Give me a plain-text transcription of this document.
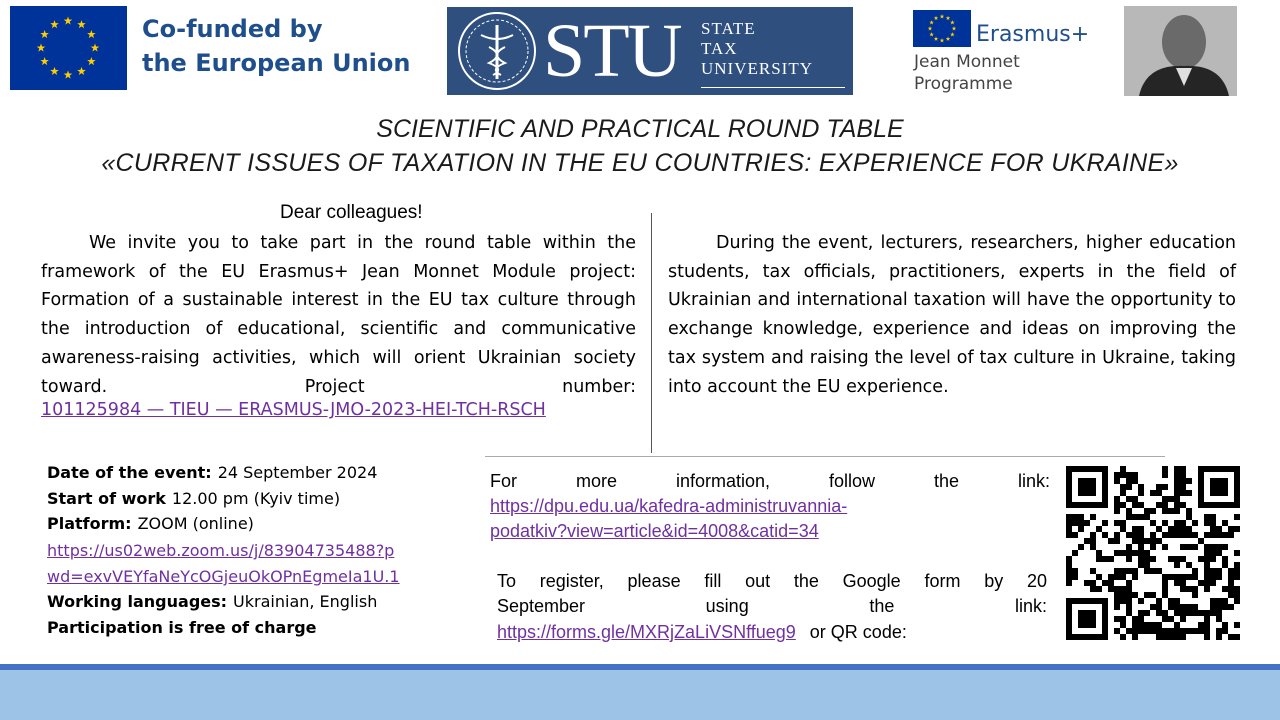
Co-funded by
the European Union STU STATE
TAX
UNIVERSITY
Erasmus+
Jean Monnet
Programme
SCIENTIFIC AND PRACTICAL ROUND TABLE
«CURRENT ISSUES OF TAXATION IN THE EU COUNTRIES: EXPERIENCE FOR UKRAINE»
Dear colleagues!
We invite you to take part in the round table within the framework of the EU Erasmus+ Jean Monnet Module project: Formation of a sustainable interest in the EU tax culture through the introduction of educational, scientific and communicative awareness-raising activities, which will orient Ukrainian society toward. Project number:
101125984 — TIEU — ERASMUS-JMO-2023-HEI-TCH-RSCH
During the event, lecturers, researchers, higher education students, tax officials, practitioners, experts in the field of Ukrainian and international taxation will have the opportunity to exchange knowledge, experience and ideas on improving the tax system and raising the level of tax culture in Ukraine, taking into account the EU experience.
Date of the event: 24 September 2024
Start of work 12.00 pm (Kyiv time)
Platform: ZOOM (online)
https://us02web.zoom.us/j/83904735488?p
wd=exvVEYfaNeYcOGjeuOkOPnEgmeIa1U.1
Working languages: Ukrainian, English
Participation is free of charge
For more information, follow the link:
https://dpu.edu.ua/kafedra-administruvannia-
podatkiv?view=article&id=4008&catid=34
To register, please fill out the Google form by 20
September using the link:
https://forms.gle/MXRjZaLiVSNffueg9 or QR code:
